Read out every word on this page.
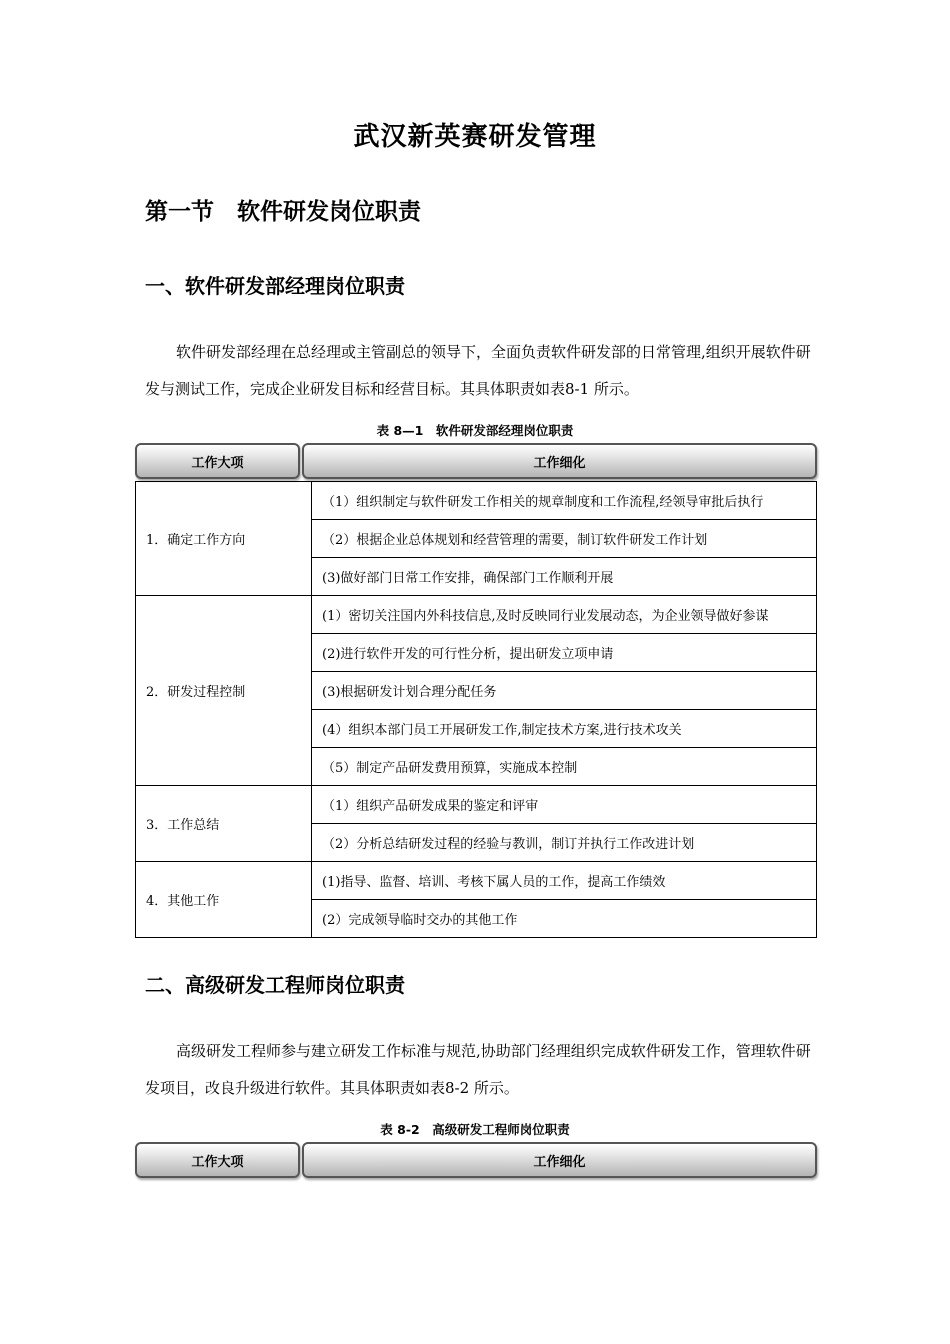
武汉新英赛研发管理
第一节　软件研发岗位职责
一、软件研发部经理岗位职责
软件研发部经理在总经理或主管副总的领导下，全面负责软件研发部的日常管理,组织开展软件研发与测试工作，完成企业研发目标和经营目标。其具体职责如表8-1 所示。
表 8—1　软件研发部经理岗位职责
工作大项	工作细化
1．确定工作方向	（1）组织制定与软件研发工作相关的规章制度和工作流程,经领导审批后执行
	（2）根据企业总体规划和经营管理的需要，制订软件研发工作计划
	(3)做好部门日常工作安排，确保部门工作顺利开展
2．研发过程控制	(1）密切关注国内外科技信息,及时反映同行业发展动态，为企业领导做好参谋
	(2)进行软件开发的可行性分析，提出研发立项申请
	(3)根据研发计划合理分配任务
	(4）组织本部门员工开展研发工作,制定技术方案,进行技术攻关
	（5）制定产品研发费用预算，实施成本控制
3．工作总结	（1）组织产品研发成果的鉴定和评审
	（2）分析总结研发过程的经验与教训，制订并执行工作改进计划
4．其他工作	(1)指导、监督、培训、考核下属人员的工作，提高工作绩效
	(2）完成领导临时交办的其他工作
二、高级研发工程师岗位职责
高级研发工程师参与建立研发工作标准与规范,协助部门经理组织完成软件研发工作，管理软件研发项目，改良升级进行软件。其具体职责如表8-2 所示。
表 8-2　高级研发工程师岗位职责
工作大项	工作细化
